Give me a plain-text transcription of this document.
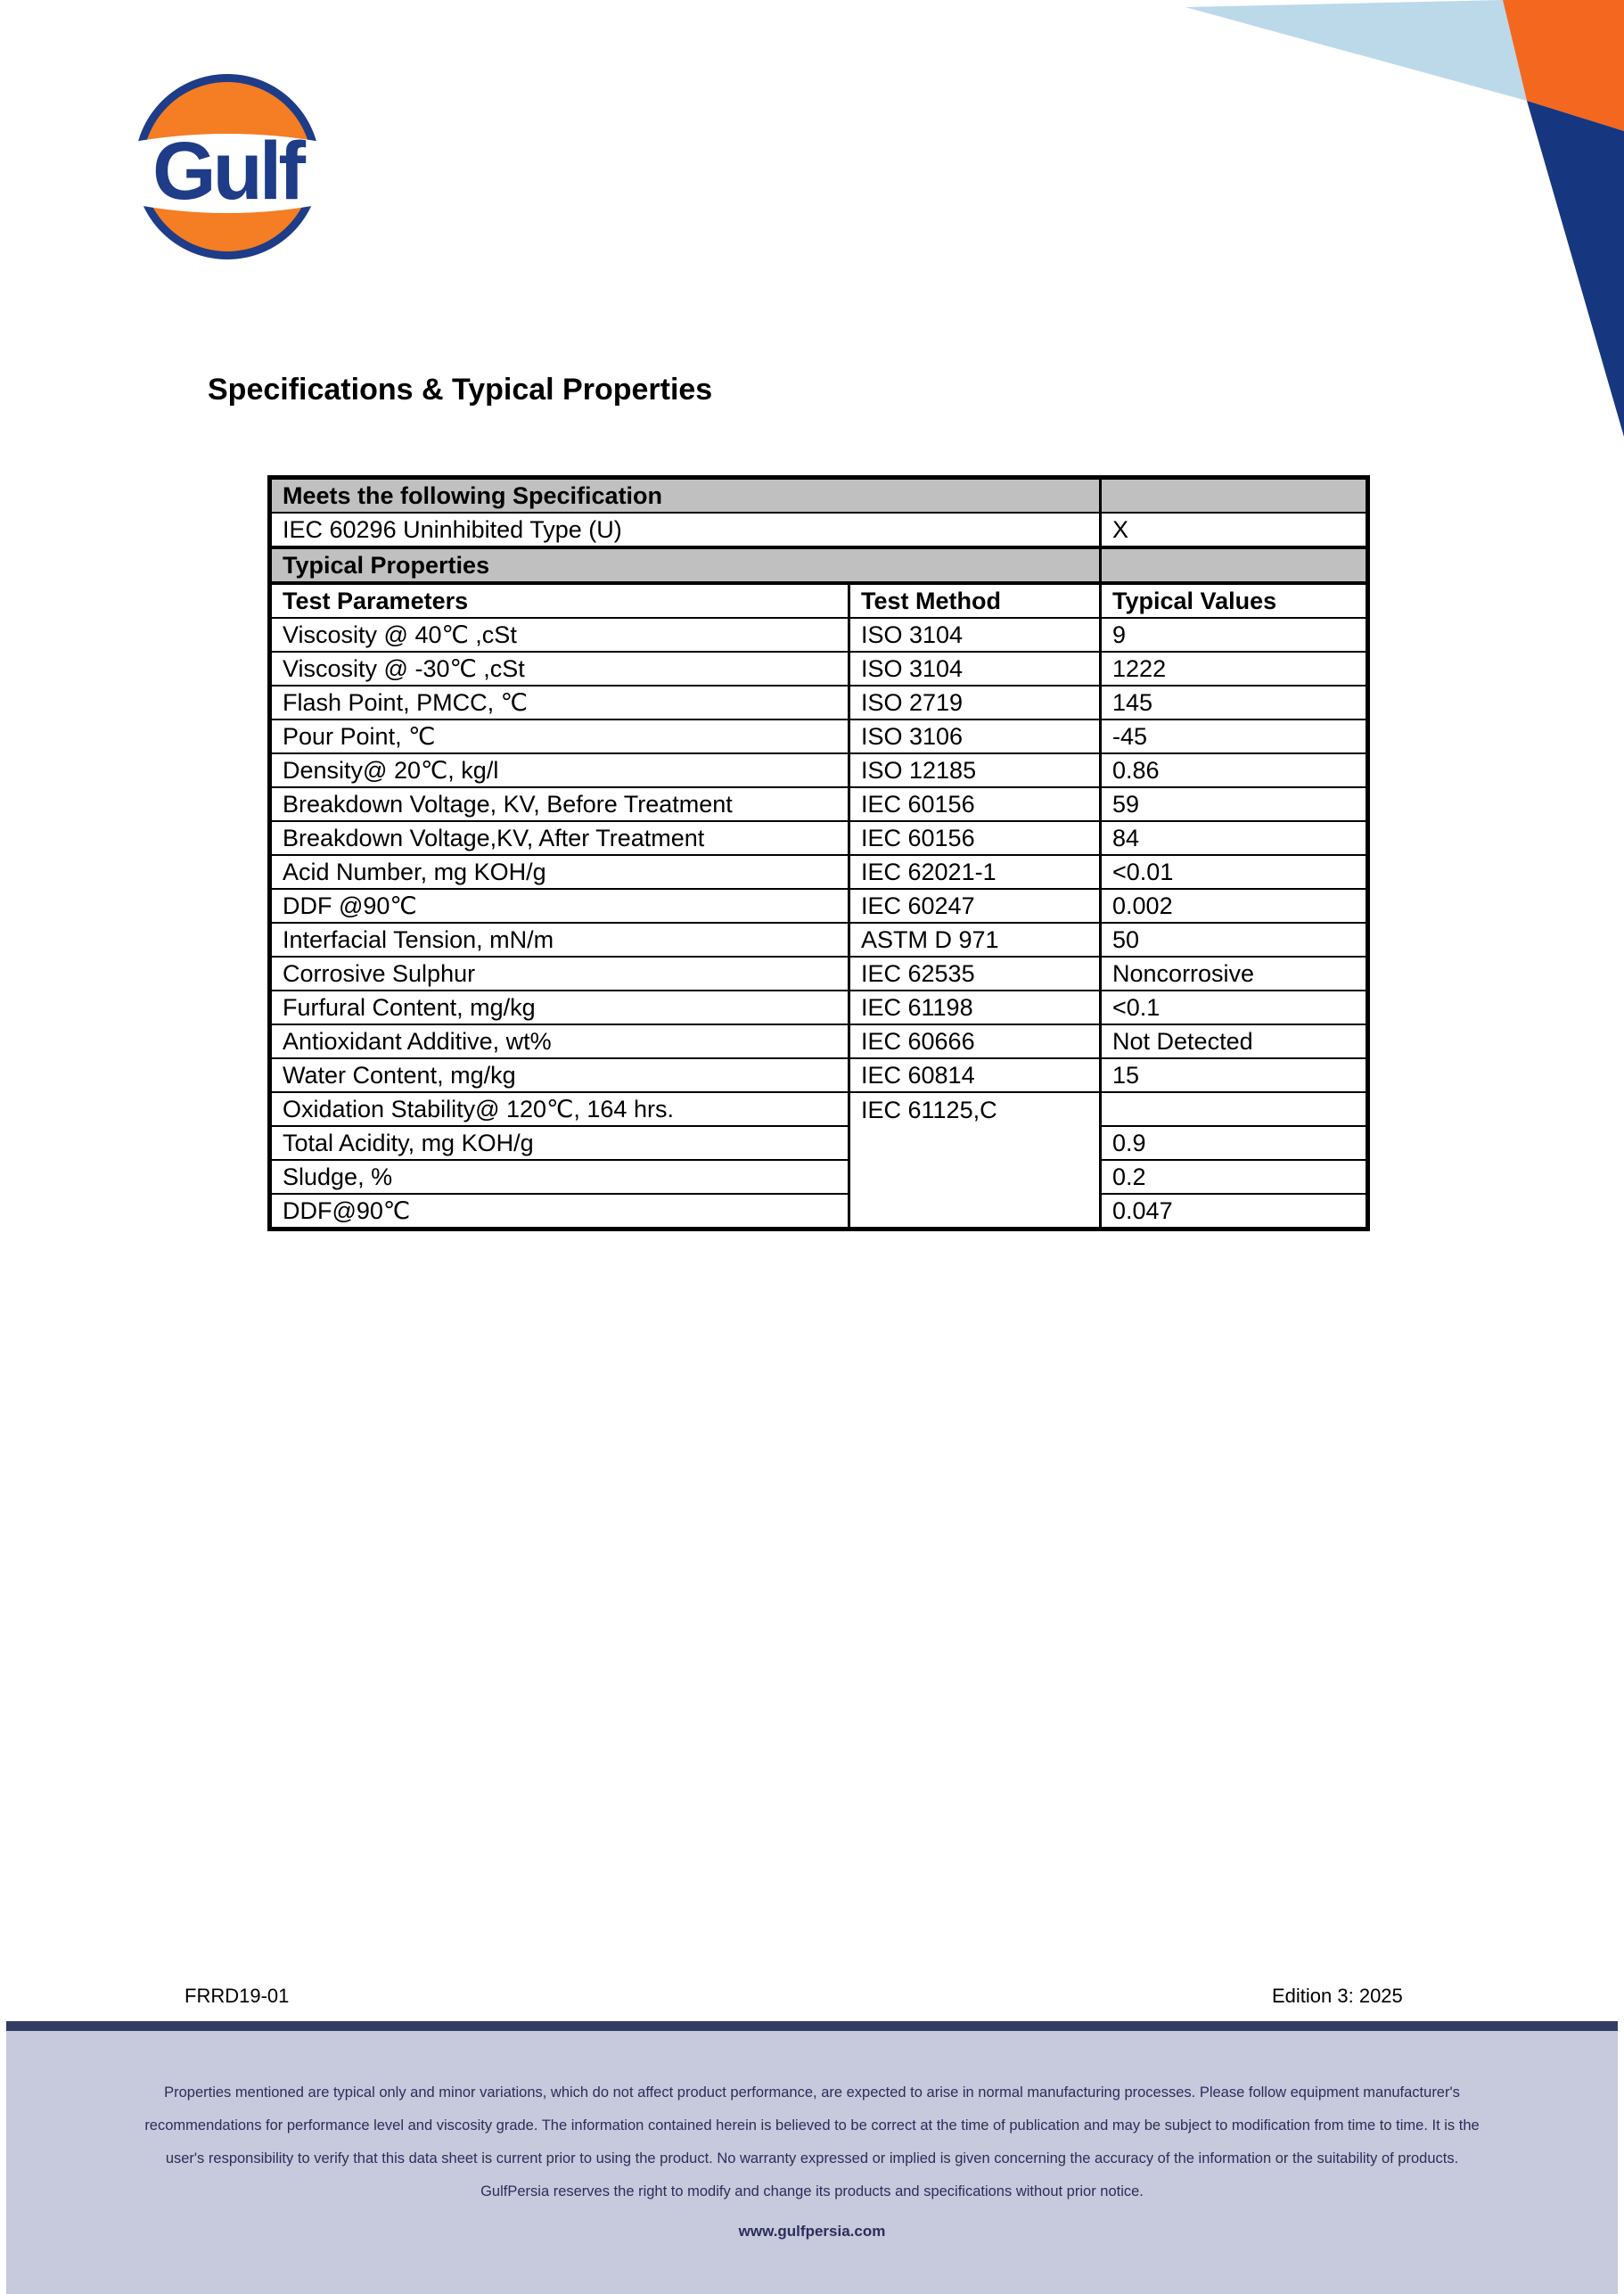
Gulf
Specifications & Typical Properties
Meets the following Specification		
IEC 60296 Uninhibited Type (U)		X
Typical Properties		
Test Parameters	Test Method	Typical Values
Viscosity @ 40℃ ,cSt	ISO 3104	9
Viscosity @ -30℃ ,cSt	ISO 3104	1222
Flash Point, PMCC, ℃	ISO 2719	145
Pour Point, ℃	ISO 3106	-45
Density@ 20℃, kg/l	ISO 12185	0.86
Breakdown Voltage, KV, Before Treatment	IEC 60156	59
Breakdown Voltage,KV, After Treatment	IEC 60156	84
Acid Number, mg KOH/g	IEC 62021-1	<0.01
DDF @90℃	IEC 60247	0.002
Interfacial Tension, mN/m	ASTM D 971	50
Corrosive Sulphur	IEC 62535	Noncorrosive
Furfural Content, mg/kg	IEC 61198	<0.1
Antioxidant Additive, wt%	IEC 60666	Not Detected
Water Content, mg/kg	IEC 60814	15
Oxidation Stability@ 120℃, 164 hrs.	IEC 61125,C	
Total Acidity, mg KOH/g		0.9
Sludge, %		0.2
DDF@90℃		0.047
FRRD19-01	Edition 3: 2025
Properties mentioned are typical only and minor variations, which do not affect product performance, are expected to arise in normal manufacturing processes. Please follow equipment manufacturer's
recommendations for performance level and viscosity grade. The information contained herein is believed to be correct at the time of publication and may be subject to modification from time to time. It is the
user's responsibility to verify that this data sheet is current prior to using the product. No warranty expressed or implied is given concerning the accuracy of the information or the suitability of products.
GulfPersia reserves the right to modify and change its products and specifications without prior notice.
www.gulfpersia.com
